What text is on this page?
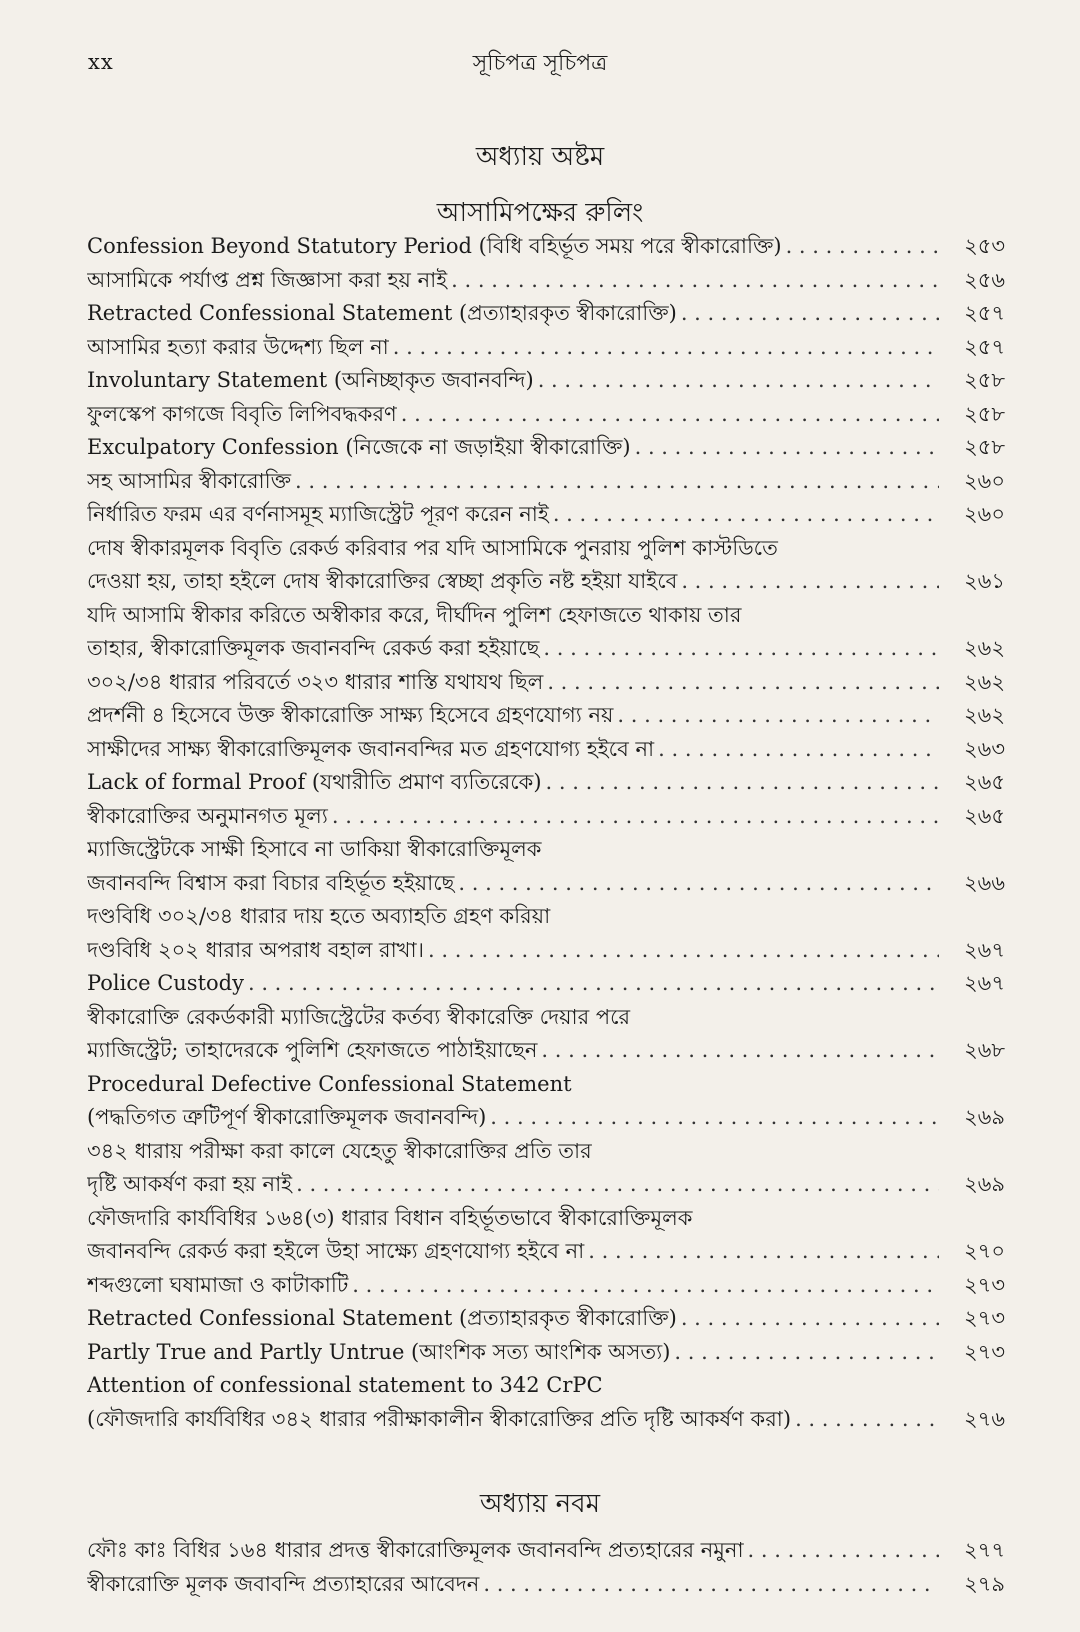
xx	সূচিপত্র সূচিপত্র
অধ্যায় অষ্টম
আসামিপক্ষের রুলিং
Confession Beyond Statutory Period (বিধি বহির্ভূত সময় পরে স্বীকারোক্তি) . . .	২৫৩
আসামিকে পর্যাপ্ত প্রশ্ন জিজ্ঞাসা করা হয় নাই . . .	২৫৬
Retracted Confessional Statement (প্রত্যাহারকৃত স্বীকারোক্তি) . . .	২৫৭
আসামির হত্যা করার উদ্দেশ্য ছিল না . . .	২৫৭
Involuntary Statement (অনিচ্ছাকৃত জবানবন্দি) . . .	২৫৮
ফুলস্কেপ কাগজে বিবৃতি লিপিবদ্ধকরণ . . .	২৫৮
Exculpatory Confession (নিজেকে না জড়াইয়া স্বীকারোক্তি) . . .	২৫৮
সহ আসামির স্বীকারোক্তি . . .	২৬০
নির্ধারিত ফরম এর বর্ণনাসমূহ ম্যাজিস্ট্রেট পূরণ করেন নাই . . .	২৬০
দোষ স্বীকারমূলক বিবৃতি রেকর্ড করিবার পর যদি আসামিকে পুনরায় পুলিশ কাস্টডিতে
দেওয়া হয়, তাহা হইলে দোষ স্বীকারোক্তির স্বেচ্ছা প্রকৃতি নষ্ট হইয়া যাইবে . . .	২৬১
যদি আসামি স্বীকার করিতে অস্বীকার করে, দীর্ঘদিন পুলিশ হেফাজতে থাকায় তার
তাহার, স্বীকারোক্তিমূলক জবানবন্দি রেকর্ড করা হইয়াছে . . .	২৬২
৩০২/৩৪ ধারার পরিবর্তে ৩২৩ ধারার শাস্তি যথাযথ ছিল . . .	২৬২
প্রদর্শনী ৪ হিসেবে উক্ত স্বীকারোক্তি সাক্ষ্য হিসেবে গ্রহণযোগ্য নয় . . .	২৬২
সাক্ষীদের সাক্ষ্য স্বীকারোক্তিমূলক জবানবন্দির মত গ্রহণযোগ্য হইবে না . . .	২৬৩
Lack of formal Proof (যথারীতি প্রমাণ ব্যতিরেকে) . . .	২৬৫
স্বীকারোক্তির অনুমানগত মূল্য . . .	২৬৫
ম্যাজিস্ট্রেটকে সাক্ষী হিসাবে না ডাকিয়া স্বীকারোক্তিমূলক
জবানবন্দি বিশ্বাস করা বিচার বহির্ভূত হইয়াছে . . .	২৬৬
দণ্ডবিধি ৩০২/৩৪ ধারার দায় হতে অব্যাহতি গ্রহণ করিয়া
দণ্ডবিধি ২০২ ধারার অপরাধ বহাল রাখা। . . .	২৬৭
Police Custody . . .	২৬৭
স্বীকারোক্তি রেকর্ডকারী ম্যাজিস্ট্রেটের কর্তব্য স্বীকারেক্তি দেয়ার পরে
ম্যাজিস্ট্রেট; তাহাদেরকে পুলিশি হেফাজতে পাঠাইয়াছেন . . .	২৬৮
Procedural Defective Confessional Statement
(পদ্ধতিগত ত্রুটিপূর্ণ স্বীকারোক্তিমূলক জবানবন্দি) . . .	২৬৯
৩৪২ ধারায় পরীক্ষা করা কালে যেহেতু স্বীকারোক্তির প্রতি তার
দৃষ্টি আকর্ষণ করা হয় নাই . . .	২৬৯
ফৌজদারি কার্যবিধির ১৬৪(৩) ধারার বিধান বহির্ভূতভাবে স্বীকারোক্তিমূলক
জবানবন্দি রেকর্ড করা হইলে উহা সাক্ষ্যে গ্রহণযোগ্য হইবে না . . .	২৭০
শব্দগুলো ঘষামাজা ও কাটাকাটি . . .	২৭৩
Retracted Confessional Statement (প্রত্যাহারকৃত স্বীকারোক্তি) . . .	২৭৩
Partly True and Partly Untrue (আংশিক সত্য আংশিক অসত্য) . . .	২৭৩
Attention of confessional statement to 342 CrPC
(ফৌজদারি কার্যবিধির ৩৪২ ধারার পরীক্ষাকালীন স্বীকারোক্তির প্রতি দৃষ্টি আকর্ষণ করা) . . .	২৭৬
অধ্যায় নবম
ফৌঃ কাঃ বিধির ১৬৪ ধারার প্রদত্ত স্বীকারোক্তিমূলক জবানবন্দি প্রত্যহারের নমুনা . . .	২৭৭
স্বীকারোক্তি মূলক জবাবন্দি প্রত্যাহারের আবেদন . . .	২৭৯
